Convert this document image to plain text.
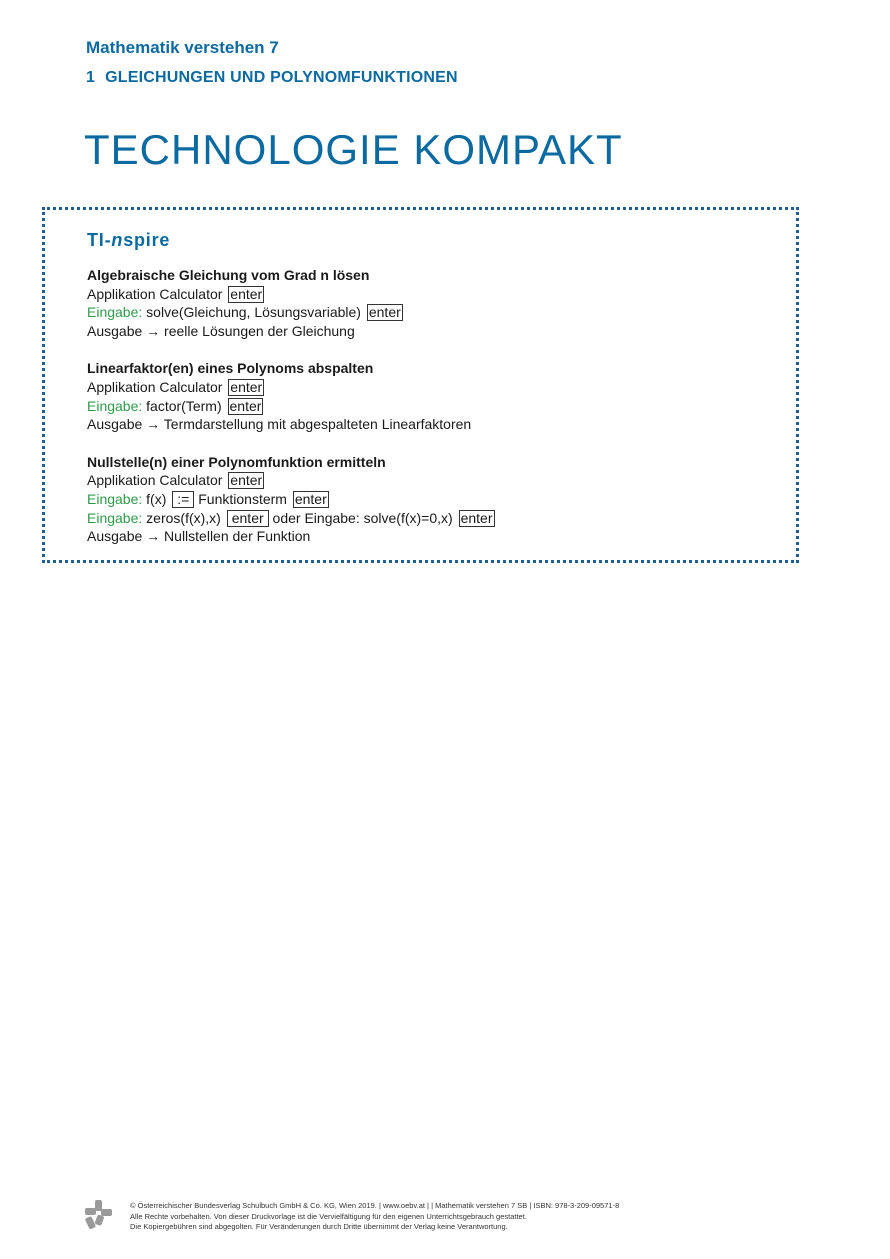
Mathematik verstehen 7
1 GLEICHUNGEN UND POLYNOMFUNKTIONEN
TECHNOLOGIE KOMPAKT
TI-nspire
Algebraische Gleichung vom Grad n lösen
Applikation Calculator enter
Eingabe: solve(Gleichung, Lösungsvariable) enter
Ausgabe → reelle Lösungen der Gleichung
Linearfaktor(en) eines Polynoms abspalten
Applikation Calculator enter
Eingabe: factor(Term) enter
Ausgabe → Termdarstellung mit abgespalteten Linearfaktoren
Nullstelle(n) einer Polynomfunktion ermitteln
Applikation Calculator enter
Eingabe: f(x) := Funktionsterm enter
Eingabe: zeros(f(x),x) enter oder Eingabe: solve(f(x)=0,x) enter
Ausgabe → Nullstellen der Funktion
© Österreichischer Bundesverlag Schulbuch GmbH & Co. KG, Wien 2019. | www.oebv.at | | Mathematik verstehen 7 SB | ISBN: 978-3-209-09571-8
Alle Rechte vorbehalten. Von dieser Druckvorlage ist die Vervielfältigung für den eigenen Unterrichtsgebrauch gestattet.
Die Kopiergebühren sind abgegolten. Für Veränderungen durch Dritte übernimmt der Verlag keine Verantwortung.
